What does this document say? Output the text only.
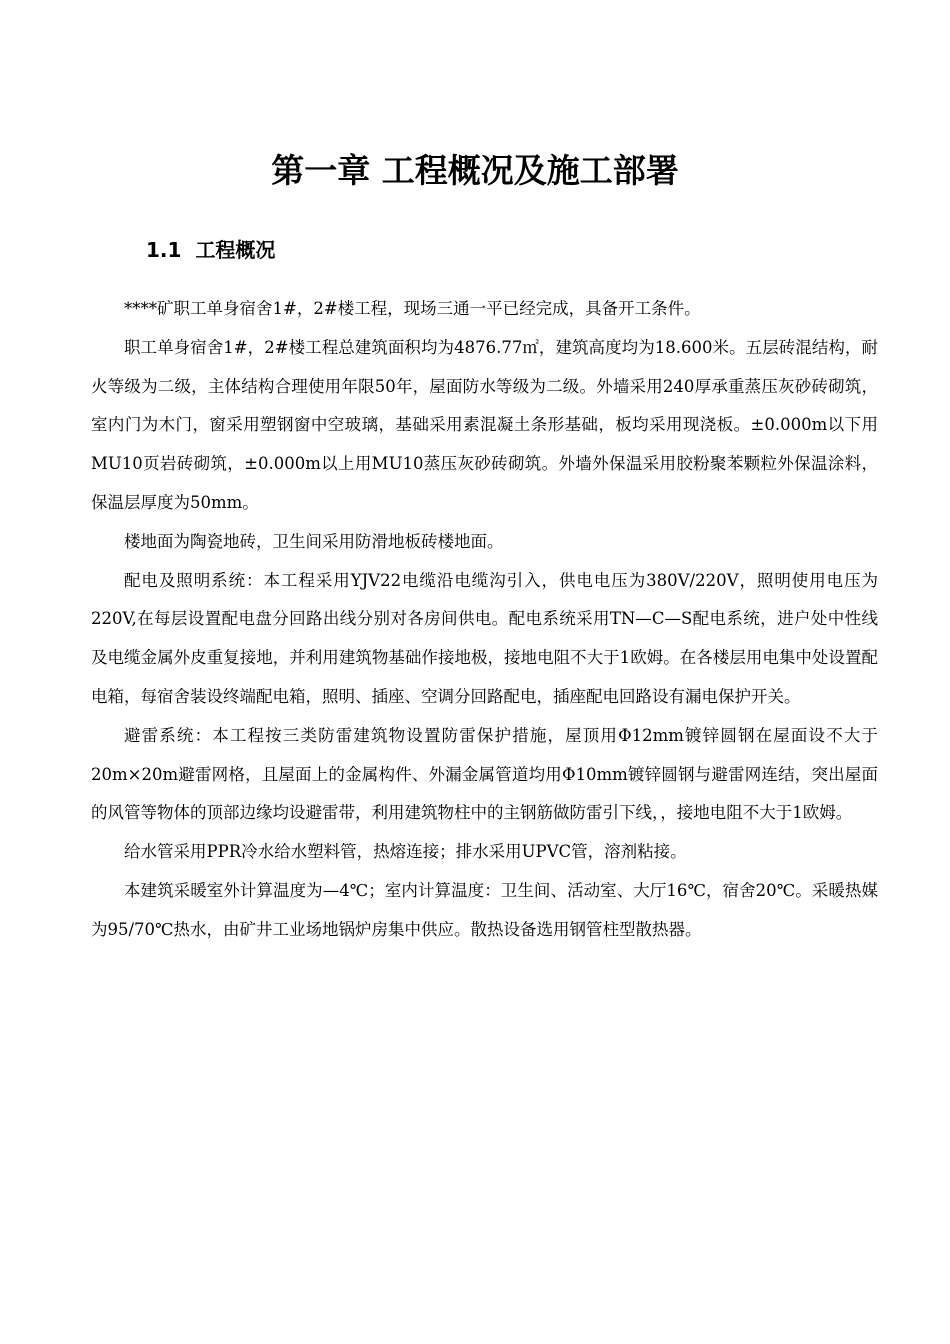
第一章 工程概况及施工部署
1.1 工程概况

****矿职工单身宿舍1#，2#楼工程，现场三通一平已经完成，具备开工条件。

职工单身宿舍1#，2#楼工程总建筑面积均为4876.77㎡，建筑高度均为18.600米。五层砖混结构，耐火等级为二级，主体结构合理使用年限50年，屋面防水等级为二级。外墙采用240厚承重蒸压灰砂砖砌筑，室内门为木门，窗采用塑钢窗中空玻璃，基础采用素混凝土条形基础，板均采用现浇板。±0.000m以下用MU10页岩砖砌筑，±0.000m以上用MU10蒸压灰砂砖砌筑。外墙外保温采用胶粉聚苯颗粒外保温涂料，保温层厚度为50mm。

楼地面为陶瓷地砖，卫生间采用防滑地板砖楼地面。

配电及照明系统：本工程采用YJV22电缆沿电缆沟引入，供电电压为380V/220V，照明使用电压为220V,在每层设置配电盘分回路出线分别对各房间供电。配电系统采用TN—C—S配电系统，进户处中性线及电缆金属外皮重复接地，并利用建筑物基础作接地极，接地电阻不大于1欧姆。在各楼层用电集中处设置配电箱，每宿舍装设终端配电箱，照明、插座、空调分回路配电，插座配电回路设有漏电保护开关。

避雷系统：本工程按三类防雷建筑物设置防雷保护措施，屋顶用Φ12mm镀锌圆钢在屋面设不大于20m×20m避雷网格，且屋面上的金属构件、外漏金属管道均用Φ10mm镀锌圆钢与避雷网连结，突出屋面的风管等物体的顶部边缘均设避雷带，利用建筑物柱中的主钢筋做防雷引下线，，接地电阻不大于1欧姆。

给水管采用PPR冷水给水塑料管，热熔连接；排水采用UPVC管，溶剂粘接。

本建筑采暖室外计算温度为—4℃；室内计算温度：卫生间、活动室、大厅16℃，宿舍20℃。采暖热媒为95/70℃热水，由矿井工业场地锅炉房集中供应。散热设备选用钢管柱型散热器。
